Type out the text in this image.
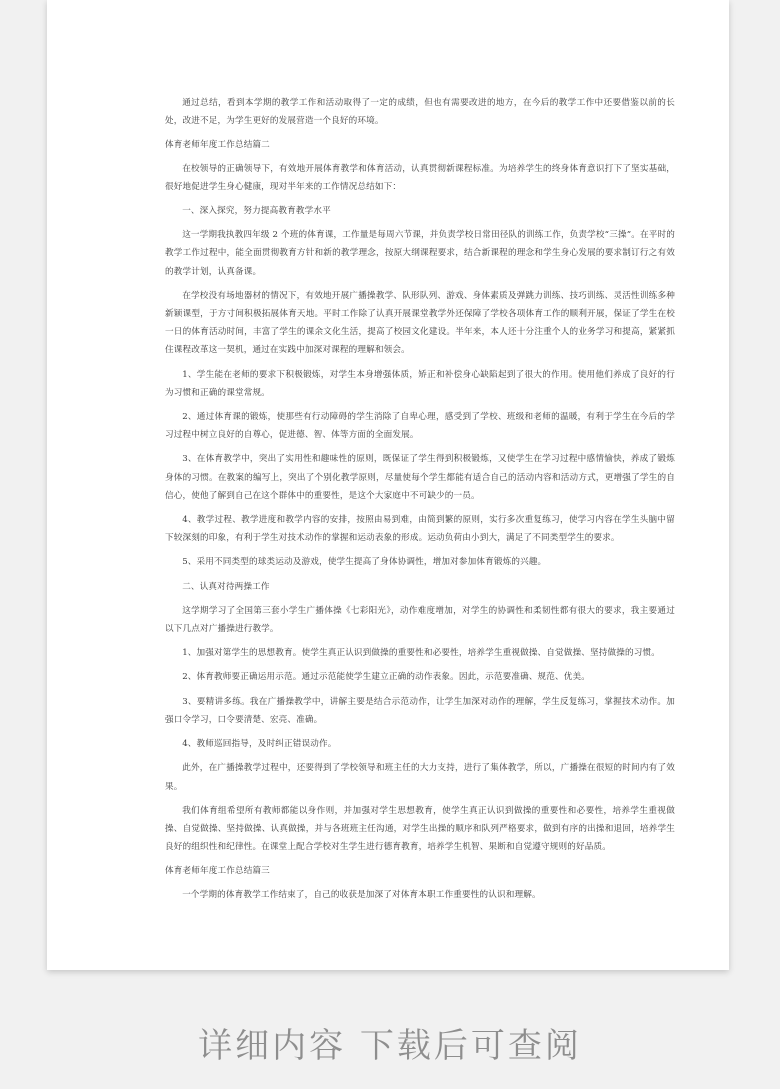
通过总结，看到本学期的教学工作和活动取得了一定的成绩，但也有需要改进的地方，在今后的教学工作中还要借鉴以前的长处，改进不足，为学生更好的发展营造一个良好的环境。

体育老师年度工作总结篇二

在校领导的正确领导下，有效地开展体育教学和体育活动，认真贯彻新课程标准。为培养学生的终身体育意识打下了坚实基础，很好地促进学生身心健康，现对半年来的工作情况总结如下：

一、深入探究，努力提高教育教学水平

这一学期我执教四年级 2 个班的体育课，工作量是每周六节课，并负责学校日常田径队的训练工作，负责学校“三操”。在平时的教学工作过程中，能全面贯彻教育方针和新的教学理念，按原大纲课程要求，结合新课程的理念和学生身心发展的要求制订行之有效的教学计划，认真备课。

在学校没有场地器材的情况下，有效地开展广播操教学、队形队列、游戏、身体素质及弹跳力训练、技巧训练、灵活性训练多种新颖课型，于方寸间积极拓展体育天地。平时工作除了认真开展课堂教学外还保障了学校各项体育工作的顺利开展，保证了学生在校一日的体育活动时间，丰富了学生的课余文化生活，提高了校园文化建设。半年来，本人还十分注重个人的业务学习和提高，紧紧抓住课程改革这一契机，通过在实践中加深对课程的理解和领会。

1、学生能在老师的要求下积极锻炼，对学生本身增强体质，矫正和补偿身心缺陷起到了很大的作用。使用他们养成了良好的行为习惯和正确的课堂常规。

2、通过体育课的锻炼，使那些有行动障碍的学生消除了自卑心理，感受到了学校、班级和老师的温暖，有利于学生在今后的学习过程中树立良好的自尊心，促进德、智、体等方面的全面发展。

3、在体育教学中，突出了实用性和趣味性的原则，既保证了学生得到积极锻炼，又使学生在学习过程中感情愉快，养成了锻炼身体的习惯。在教案的编写上，突出了个别化教学原则，尽量使每个学生都能有适合自己的活动内容和活动方式，更增强了学生的自信心，使他了解到自己在这个群体中的重要性，是这个大家庭中不可缺少的一员。

4、教学过程、教学进度和教学内容的安排，按照由易到难，由简到繁的原则，实行多次重复练习，使学习内容在学生头脑中留下较深刻的印象，有利于学生对技术动作的掌握和运动表象的形成。运动负荷由小到大，满足了不同类型学生的要求。

5、采用不同类型的球类运动及游戏，使学生提高了身体协调性，增加对参加体育锻炼的兴趣。

二、认真对待两操工作

这学期学习了全国第三套小学生广播体操《七彩阳光》，动作难度增加，对学生的协调性和柔韧性都有很大的要求，我主要通过以下几点对广播操进行教学。

1、加强对第学生的思想教育。使学生真正认识到做操的重要性和必要性，培养学生重视做操、自觉做操、坚持做操的习惯。

2、体育教师要正确运用示范。通过示范能使学生建立正确的动作表象。因此，示范要准确、规范、优美。

3、要精讲多练。我在广播操教学中，讲解主要是结合示范动作，让学生加深对动作的理解，学生反复练习，掌握技术动作。加强口令学习，口令要清楚、宏亮、准确。

4、教师巡回指导，及时纠正错误动作。

此外，在广播操教学过程中，还要得到了学校领导和班主任的大力支持，进行了集体教学，所以，广播操在很短的时间内有了效果。

我们体育组希望所有教师都能以身作则，并加强对学生思想教育，使学生真正认识到做操的重要性和必要性，培养学生重视做操、自觉做操、坚持做操、认真做操，并与各班班主任沟通，对学生出操的顺序和队列严格要求，做到有序的出操和退回，培养学生良好的组织性和纪律性。在课堂上配合学校对生学生进行德育教育，培养学生机智、果断和自觉遵守规则的好品质。

体育老师年度工作总结篇三

一个学期的体育教学工作结束了，自己的收获是加深了对体育本职工作重要性的认识和理解。

详细内容 下载后可查阅
